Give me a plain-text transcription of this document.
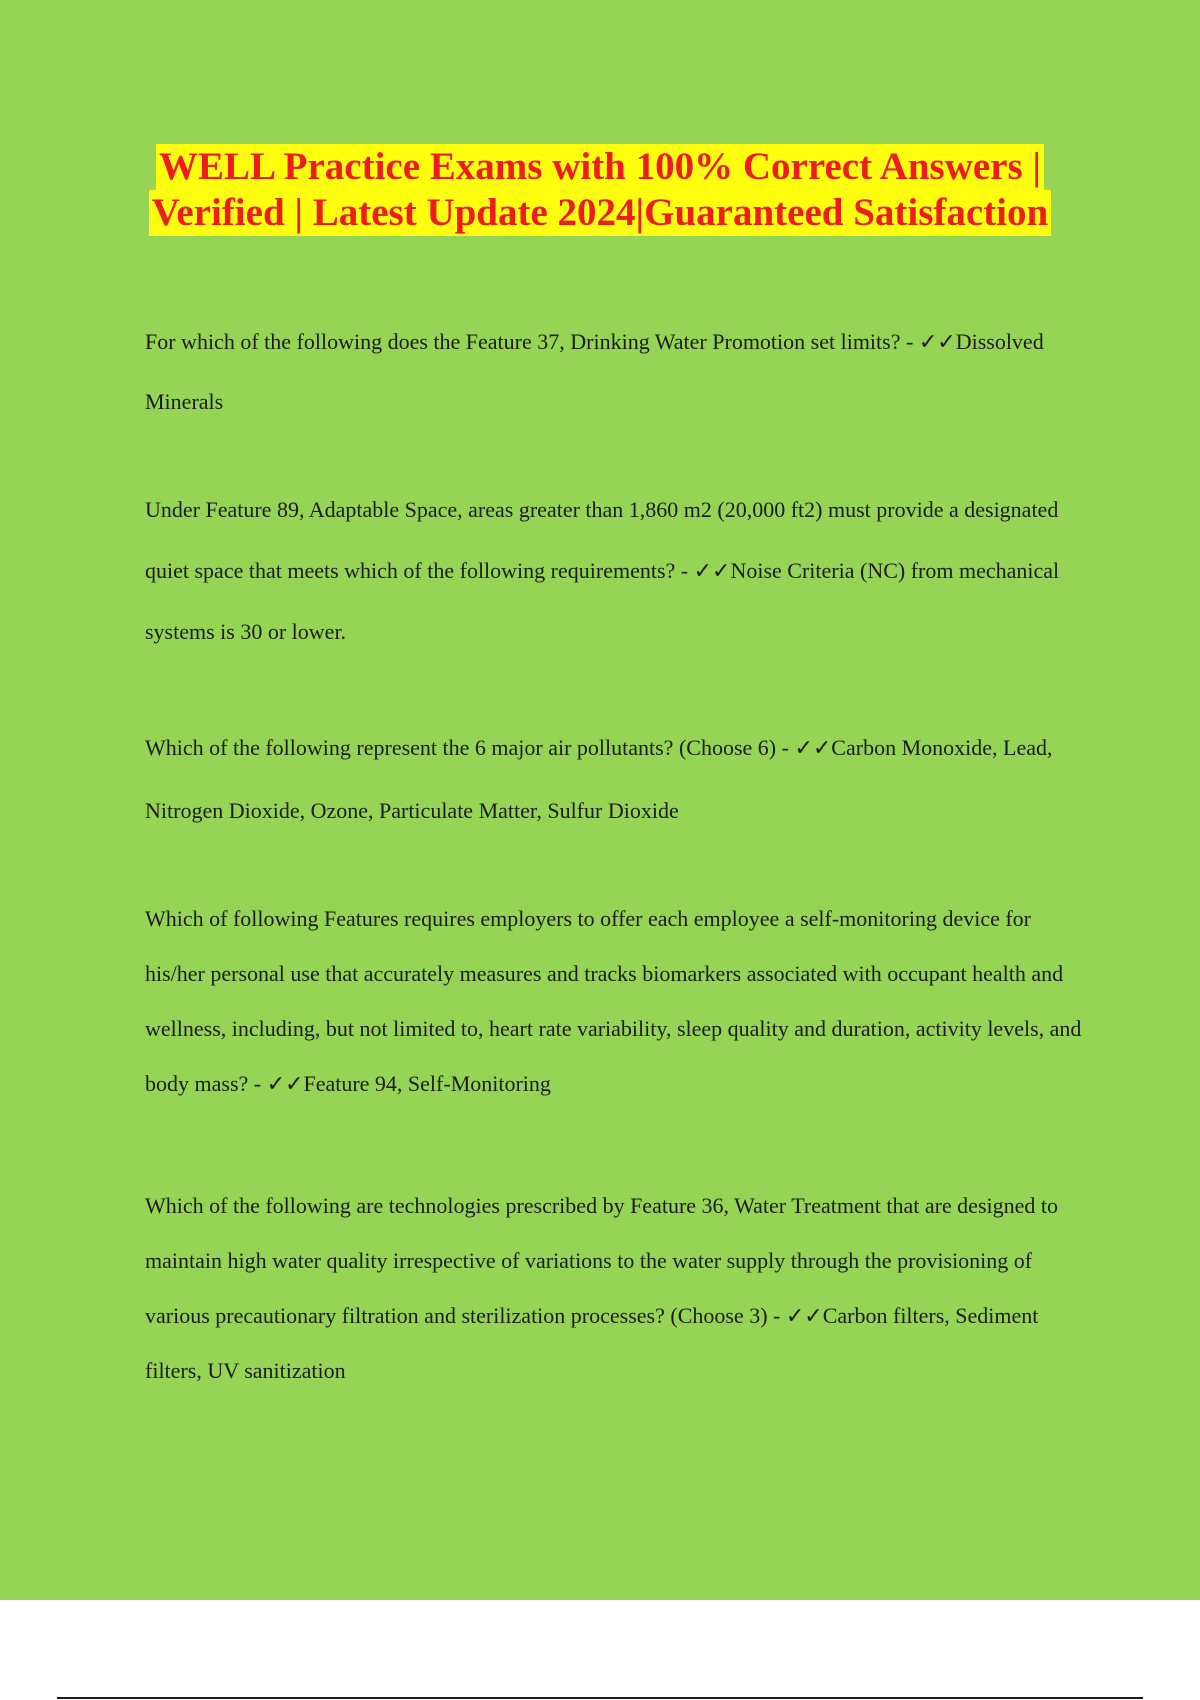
WELL Practice Exams with 100% Correct Answers |
Verified | Latest Update 2024|Guaranteed Satisfaction

For which of the following does the Feature 37, Drinking Water Promotion set limits? - ✓✓Dissolved Minerals

Under Feature 89, Adaptable Space, areas greater than 1,860 m2 (20,000 ft2) must provide a designated quiet space that meets which of the following requirements? - ✓✓Noise Criteria (NC) from mechanical systems is 30 or lower.

Which of the following represent the 6 major air pollutants? (Choose 6) - ✓✓Carbon Monoxide, Lead, Nitrogen Dioxide, Ozone, Particulate Matter, Sulfur Dioxide

Which of following Features requires employers to offer each employee a self-monitoring device for his/her personal use that accurately measures and tracks biomarkers associated with occupant health and wellness, including, but not limited to, heart rate variability, sleep quality and duration, activity levels, and body mass? - ✓✓Feature 94, Self-Monitoring

Which of the following are technologies prescribed by Feature 36, Water Treatment that are designed to maintain high water quality irrespective of variations to the water supply through the provisioning of various precautionary filtration and sterilization processes? (Choose 3) - ✓✓Carbon filters, Sediment filters, UV sanitization
